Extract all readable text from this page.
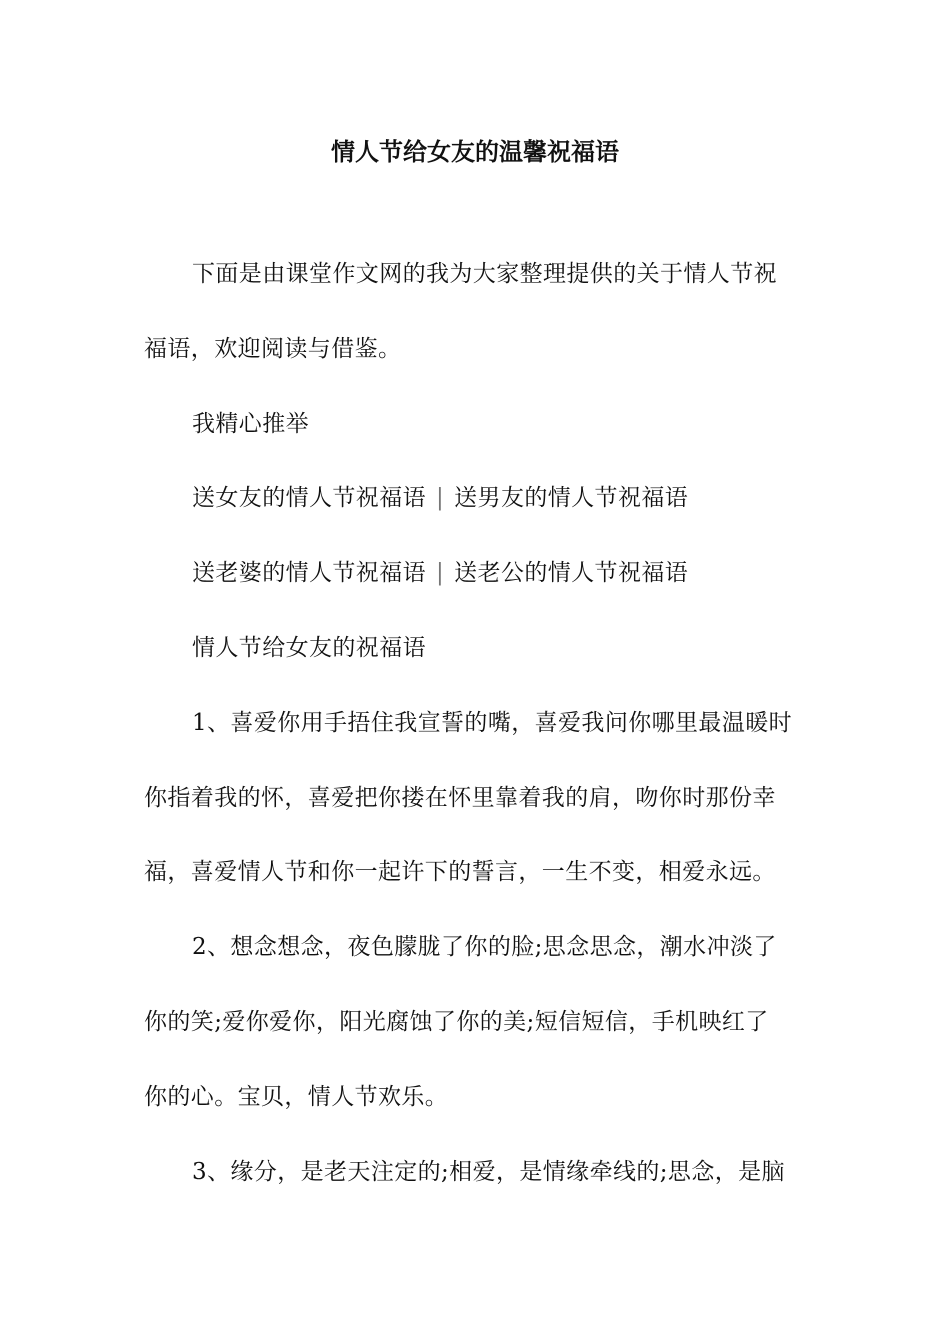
情人节给女友的温馨祝福语
下面是由课堂作文网的我为大家整理提供的关于情人节祝
福语，欢迎阅读与借鉴。
我精心推举
送女友的情人节祝福语 | 送男友的情人节祝福语
送老婆的情人节祝福语 | 送老公的情人节祝福语
情人节给女友的祝福语
1、喜爱你用手捂住我宣誓的嘴，喜爱我问你哪里最温暖时
你指着我的怀，喜爱把你搂在怀里靠着我的肩，吻你时那份幸
福，喜爱情人节和你一起许下的誓言，一生不变，相爱永远。
2、想念想念，夜色朦胧了你的脸;思念思念，潮水冲淡了
你的笑;爱你爱你，阳光腐蚀了你的美;短信短信，手机映红了
你的心。宝贝，情人节欢乐。
3、缘分，是老天注定的;相爱，是情缘牵线的;思念，是脑
